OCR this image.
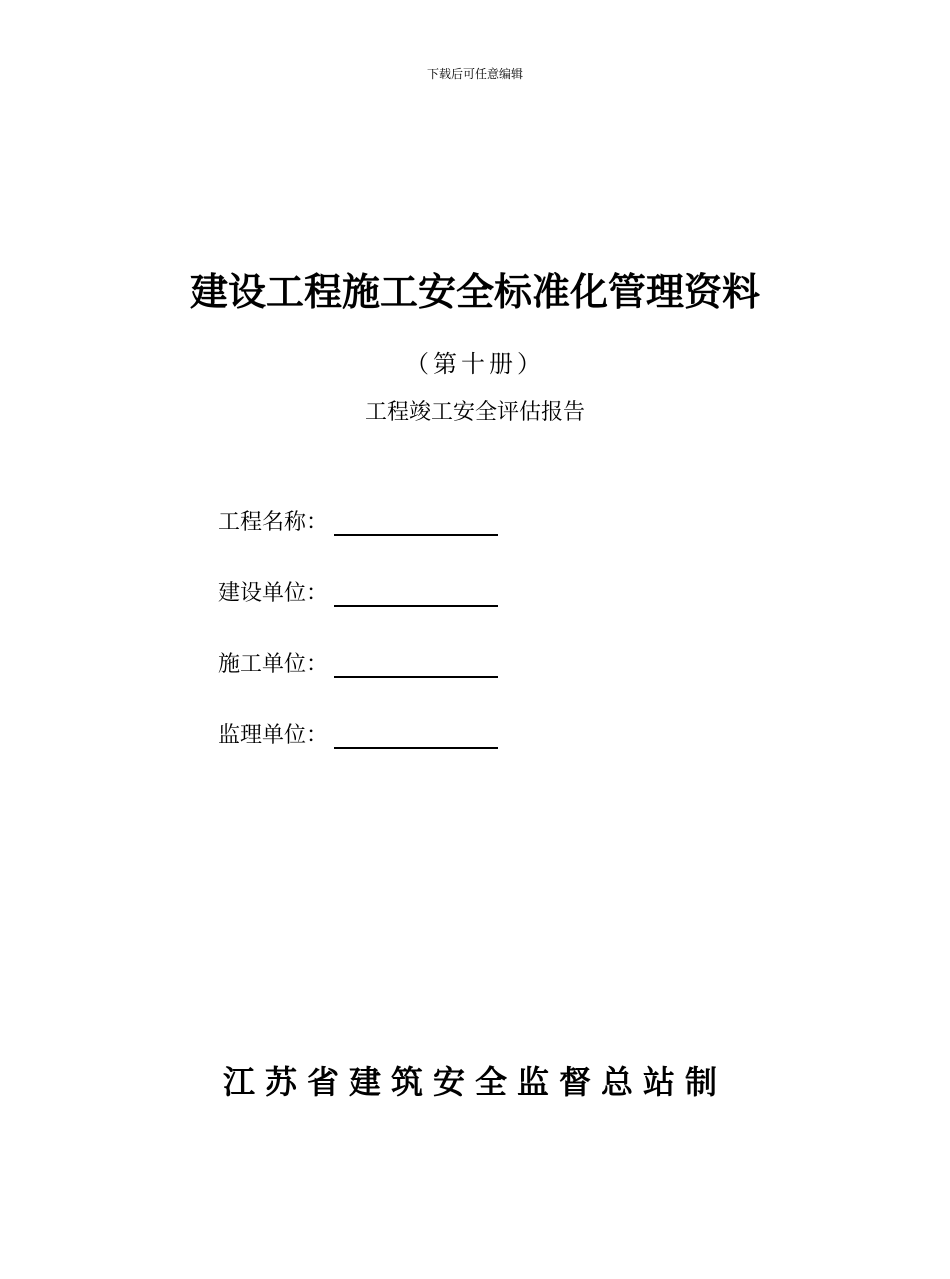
下载后可任意编辑
建设工程施工安全标准化管理资料
（第十册）
工程竣工安全评估报告
工程名称：
建设单位：
施工单位：
监理单位：
江苏省建筑安全监督总站制
